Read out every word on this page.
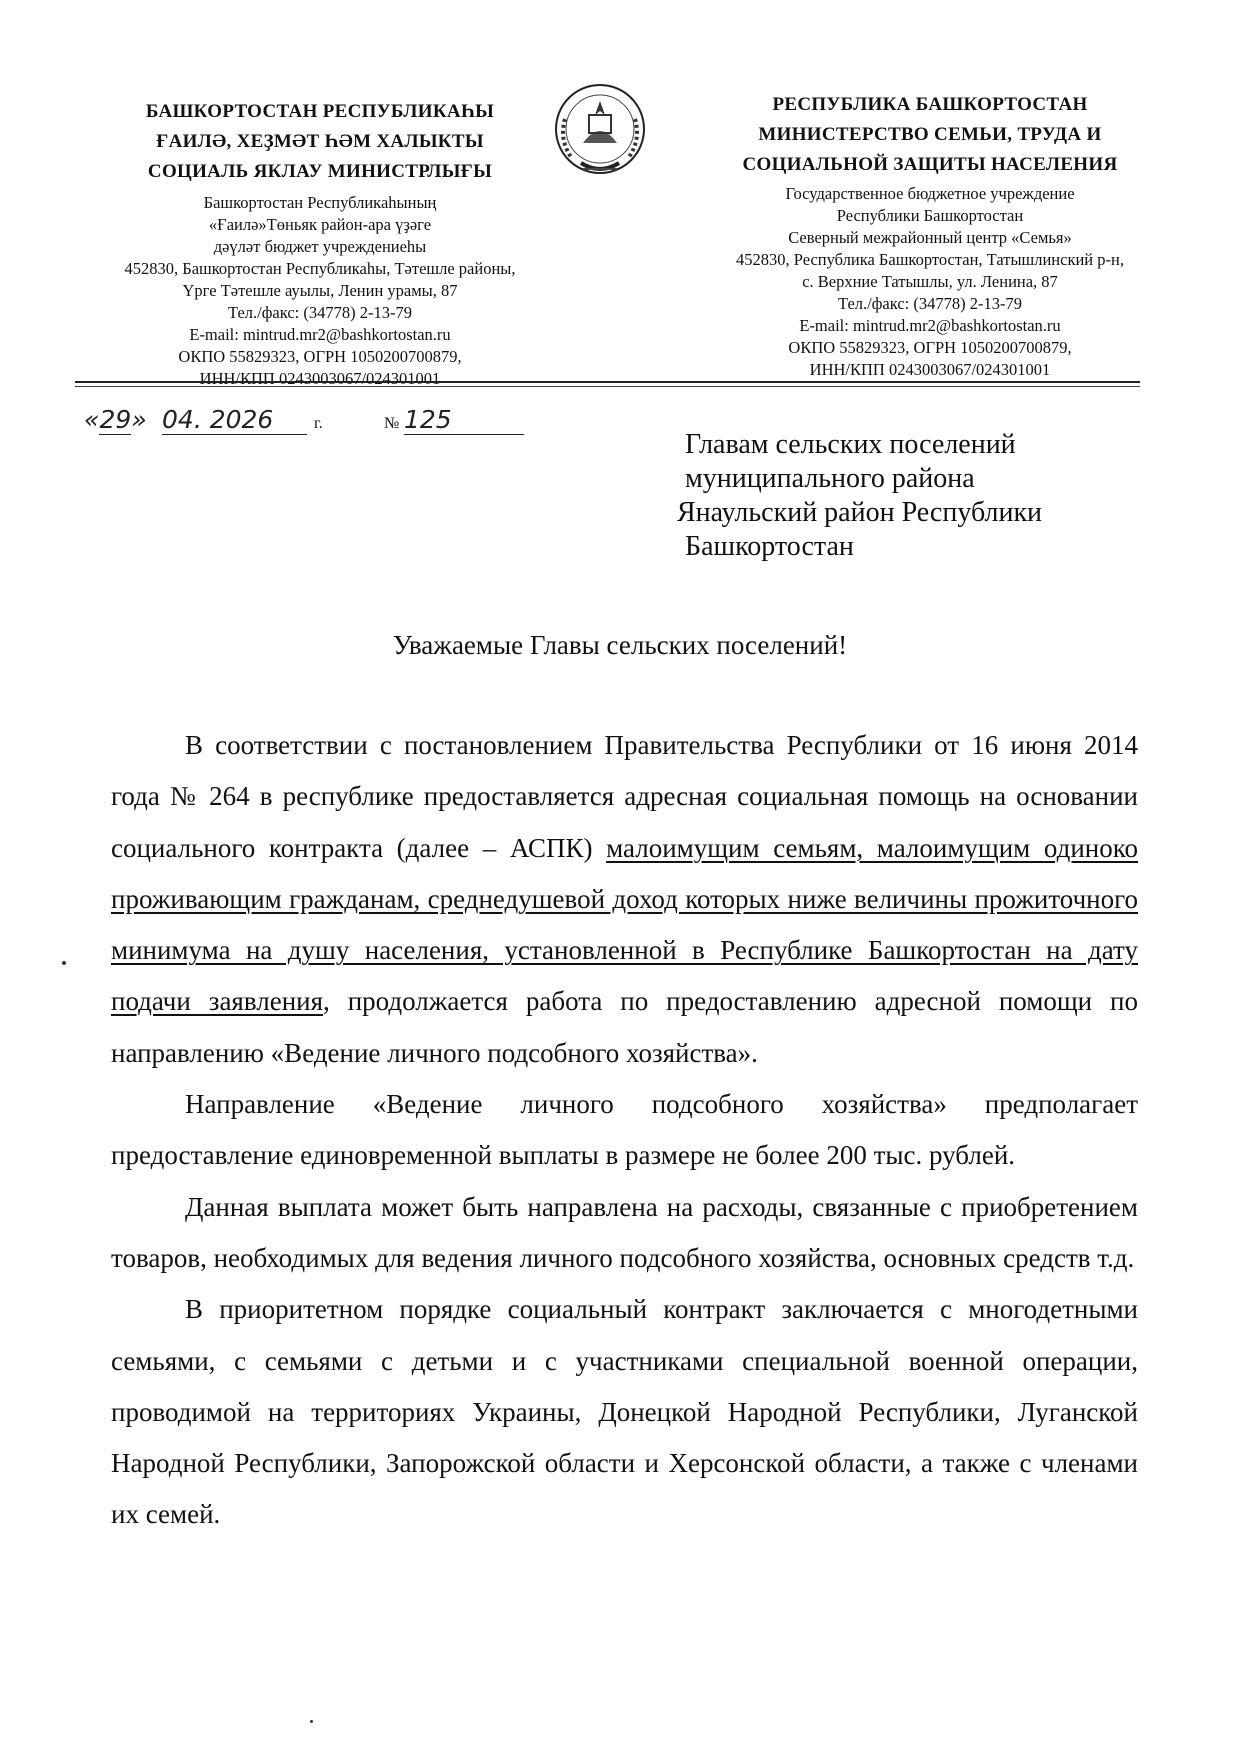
БАШКОРТОСТАН РЕСПУБЛИКАҺЫ
ҒАИЛӘ, ХЕҘМӘТ ҺӘМ ХАЛЫКТЫ
СОЦИАЛЬ ЯКЛАУ МИНИСТРЛЫҒЫ
Башкортостан Республикаһының
«Ғаилә»Төньяк район-ара үҙәге
дәүләт бюджет учреждениеһы
452830, Башкортостан Республикаһы, Тәтешле районы,
Үрге Тәтешле ауылы, Ленин урамы, 87
Тел./факс: (34778) 2-13-79
E-mail: mintrud.mr2@bashkortostan.ru
ОКПО 55829323, ОГРН 1050200700879,
ИНН/КПП 0243003067/024301001
РЕСПУБЛИКА БАШКОРТОСТАН
МИНИСТЕРСТВО СЕМЬИ, ТРУДА И
СОЦИАЛЬНОЙ ЗАЩИТЫ НАСЕЛЕНИЯ
Государственное бюджетное учреждение
Республики Башкортостан
Северный межрайонный центр «Семья»
452830, Республика Башкортостан, Татышлинский р-н,
с. Верхние Татышлы, ул. Ленина, 87
Тел./факс: (34778) 2-13-79
E-mail: mintrud.mr2@bashkortostan.ru
ОКПО 55829323, ОГРН 1050200700879,
ИНН/КПП 0243003067/024301001
«29» 04. 2026	г.	№ 125
Главам сельских поселений
муниципального района
Янаульский район Республики
Башкортостан
Уважаемые Главы сельских поселений!

В соответствии с постановлением Правительства Республики от 16 июня 2014 года № 264 в республике предоставляется адресная социальная помощь на основании социального контракта (далее – АСПК) малоимущим семьям, малоимущим одиноко проживающим гражданам, среднедушевой доход которых ниже величины прожиточного минимума на душу населения, установленной в Республике Башкортостан на дату подачи заявления, продолжается работа по предоставлению адресной помощи по направлению «Ведение личного подсобного хозяйства».

Направление «Ведение личного подсобного хозяйства» предполагает предоставление единовременной выплаты в размере не более 200 тыс. рублей.

Данная выплата может быть направлена на расходы, связанные с приобретением товаров, необходимых для ведения личного подсобного хозяйства, основных средств т.д.

В приоритетном порядке социальный контракт заключается с многодетными семьями, с семьями с детьми и с участниками специальной военной операции, проводимой на территориях Украины, Донецкой Народной Республики, Луганской Народной Республики, Запорожской области и Херсонской области, а также с членами их семей.
